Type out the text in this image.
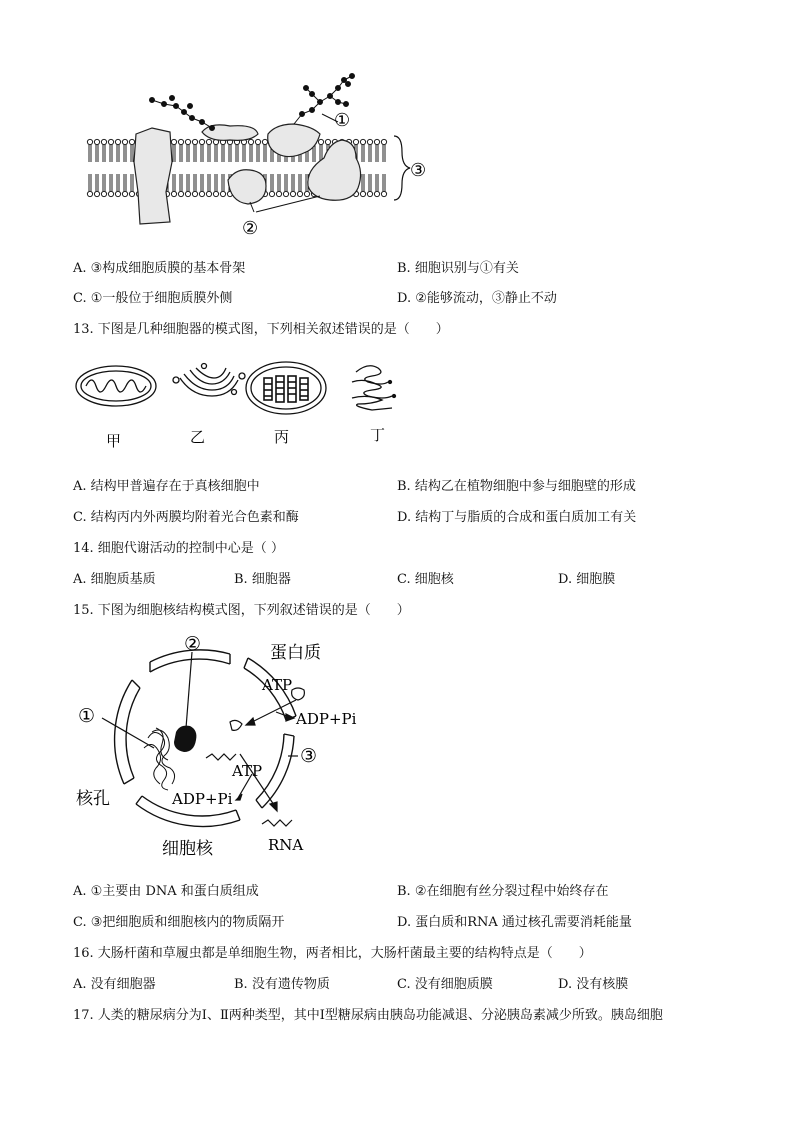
①
②
③
A. ③构成细胞质膜的基本骨架	B. 细胞识别与①有关
C. ①一般位于细胞质膜外侧	D. ②能够流动，③静止不动
13. 下图是几种细胞器的模式图，下列相关叙述错误的是（　　）
甲	乙	丙	丁
A. 结构甲普遍存在于真核细胞中	B. 结构乙在植物细胞中参与细胞壁的形成
C. 结构丙内外两膜均附着光合色素和酶	D. 结构丁与脂质的合成和蛋白质加工有关
14. 细胞代谢活动的控制中心是（ ）
A. 细胞质基质	B. 细胞器	C. 细胞核	D. 细胞膜
15. 下图为细胞核结构模式图，下列叙述错误的是（　　）
②
①
③
蛋白质
ATP
ADP+Pi
ATP
ADP+Pi
核孔
细胞核	RNA
A. ①主要由 DNA 和蛋白质组成	B. ②在细胞有丝分裂过程中始终存在
C. ③把细胞质和细胞核内的物质隔开	D. 蛋白质和RNA 通过核孔需要消耗能量
16. 大肠杆菌和草履虫都是单细胞生物，两者相比，大肠杆菌最主要的结构特点是（　　）
A. 没有细胞器	B. 没有遗传物质	C. 没有细胞质膜	D. 没有核膜
17. 人类的糖尿病分为Ⅰ、Ⅱ两种类型，其中Ⅰ型糖尿病由胰岛功能减退、分泌胰岛素减少所致。胰岛细胞
